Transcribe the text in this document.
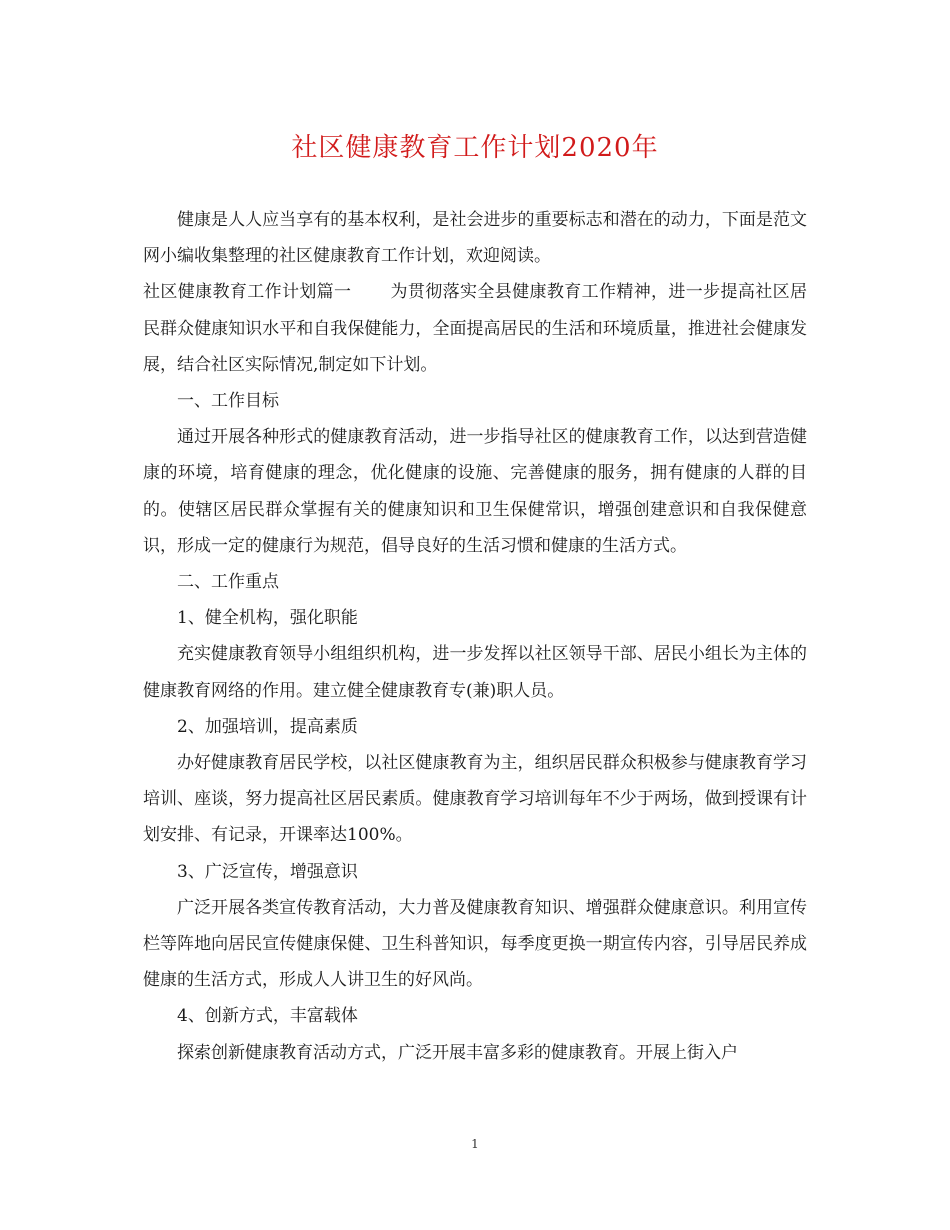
社区健康教育工作计划2020年

健康是人人应当享有的基本权利，是社会进步的重要标志和潜在的动力，下面是范文网小编收集整理的社区健康教育工作计划，欢迎阅读。

社区健康教育工作计划篇一 为贯彻落实全县健康教育工作精神，进一步提高社区居民群众健康知识水平和自我保健能力，全面提高居民的生活和环境质量，推进社会健康发展，结合社区实际情况,制定如下计划。

一、工作目标

通过开展各种形式的健康教育活动，进一步指导社区的健康教育工作，以达到营造健康的环境，培育健康的理念，优化健康的设施、完善健康的服务，拥有健康的人群的目的。使辖区居民群众掌握有关的健康知识和卫生保健常识，增强创建意识和自我保健意识，形成一定的健康行为规范，倡导良好的生活习惯和健康的生活方式。

二、工作重点

1、健全机构，强化职能

充实健康教育领导小组组织机构，进一步发挥以社区领导干部、居民小组长为主体的健康教育网络的作用。建立健全健康教育专(兼)职人员。

2、加强培训，提高素质

办好健康教育居民学校，以社区健康教育为主，组织居民群众积极参与健康教育学习培训、座谈，努力提高社区居民素质。健康教育学习培训每年不少于两场，做到授课有计划安排、有记录，开课率达100%。

3、广泛宣传，增强意识

广泛开展各类宣传教育活动，大力普及健康教育知识、增强群众健康意识。利用宣传栏等阵地向居民宣传健康保健、卫生科普知识，每季度更换一期宣传内容，引导居民养成健康的生活方式，形成人人讲卫生的好风尚。

4、创新方式，丰富载体

探索创新健康教育活动方式，广泛开展丰富多彩的健康教育。开展上街入户

1
